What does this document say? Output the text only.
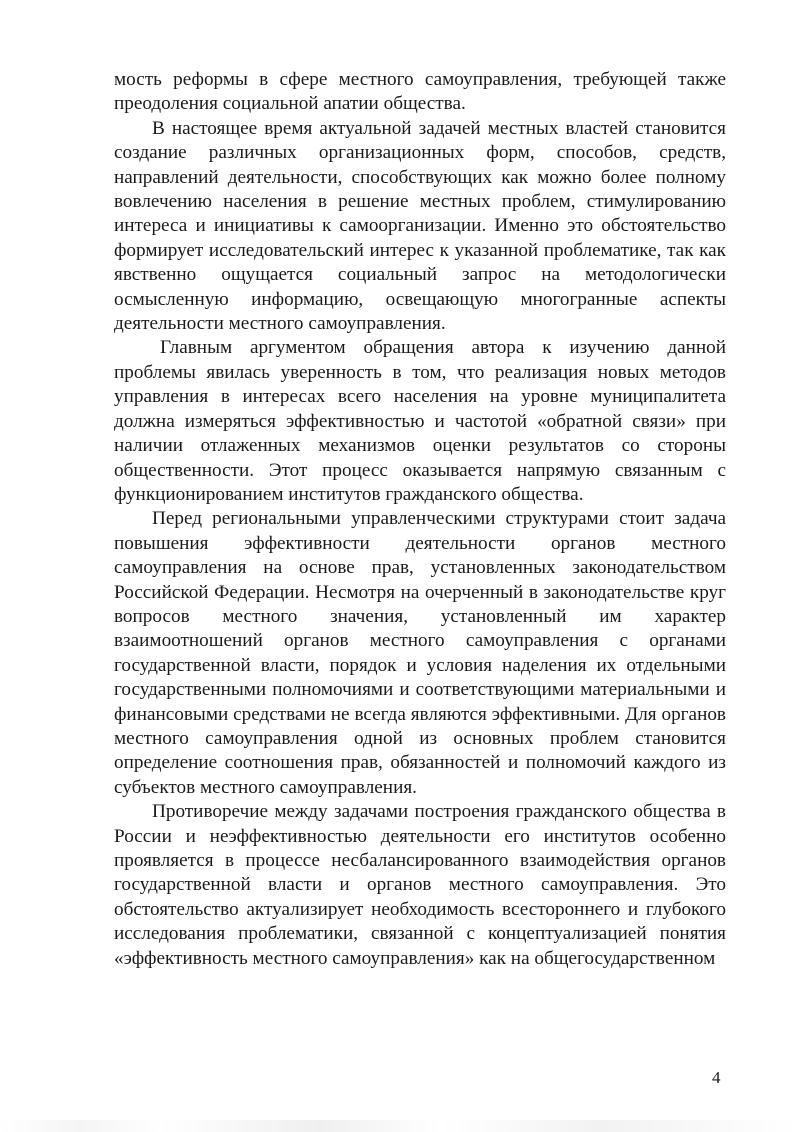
мость реформы в сфере местного самоуправления, требующей также преодоления социальной апатии общества.

В настоящее время актуальной задачей местных властей становится создание различных организационных форм, способов, средств, направлений деятельности, способствующих как можно более полному вовлечению населения в решение местных проблем, стимулированию интереса и инициативы к самоорганизации. Именно это обстоятельство формирует исследовательский интерес к указанной проблематике, так как явственно ощущается социальный запрос на методологически осмысленную информацию, освещающую многогранные аспекты деятельности местного самоуправления.

Главным аргументом обращения автора к изучению данной проблемы явилась уверенность в том, что реализация новых методов управления в интересах всего населения на уровне муниципалитета должна измеряться эффективностью и частотой «обратной связи» при наличии отлаженных механизмов оценки результатов со стороны общественности. Этот процесс оказывается напрямую связанным с функционированием институтов гражданского общества.

Перед региональными управленческими структурами стоит задача повышения эффективности деятельности органов местного самоуправления на основе прав, установленных законодательством Российской Федерации. Несмотря на очерченный в законодательстве круг вопросов местного значения, установленный им характер взаимоотношений органов местного самоуправления с органами государственной власти, порядок и условия наделения их отдельными государственными полномочиями и соответствующими материальными и финансовыми средствами не всегда являются эффективными. Для органов местного самоуправления одной из основных проблем становится определение соотношения прав, обязанностей и полномочий каждого из субъектов местного самоуправления.

Противоречие между задачами построения гражданского общества в России и неэффективностью деятельности его институтов особенно проявляется в процессе несбалансированного взаимодействия органов государственной власти и органов местного самоуправления. Это обстоятельство актуализирует необходимость всестороннего и глубокого исследования проблематики, связанной с концептуализацией понятия «эффективность местного самоуправления» как на общегосударственном

4
